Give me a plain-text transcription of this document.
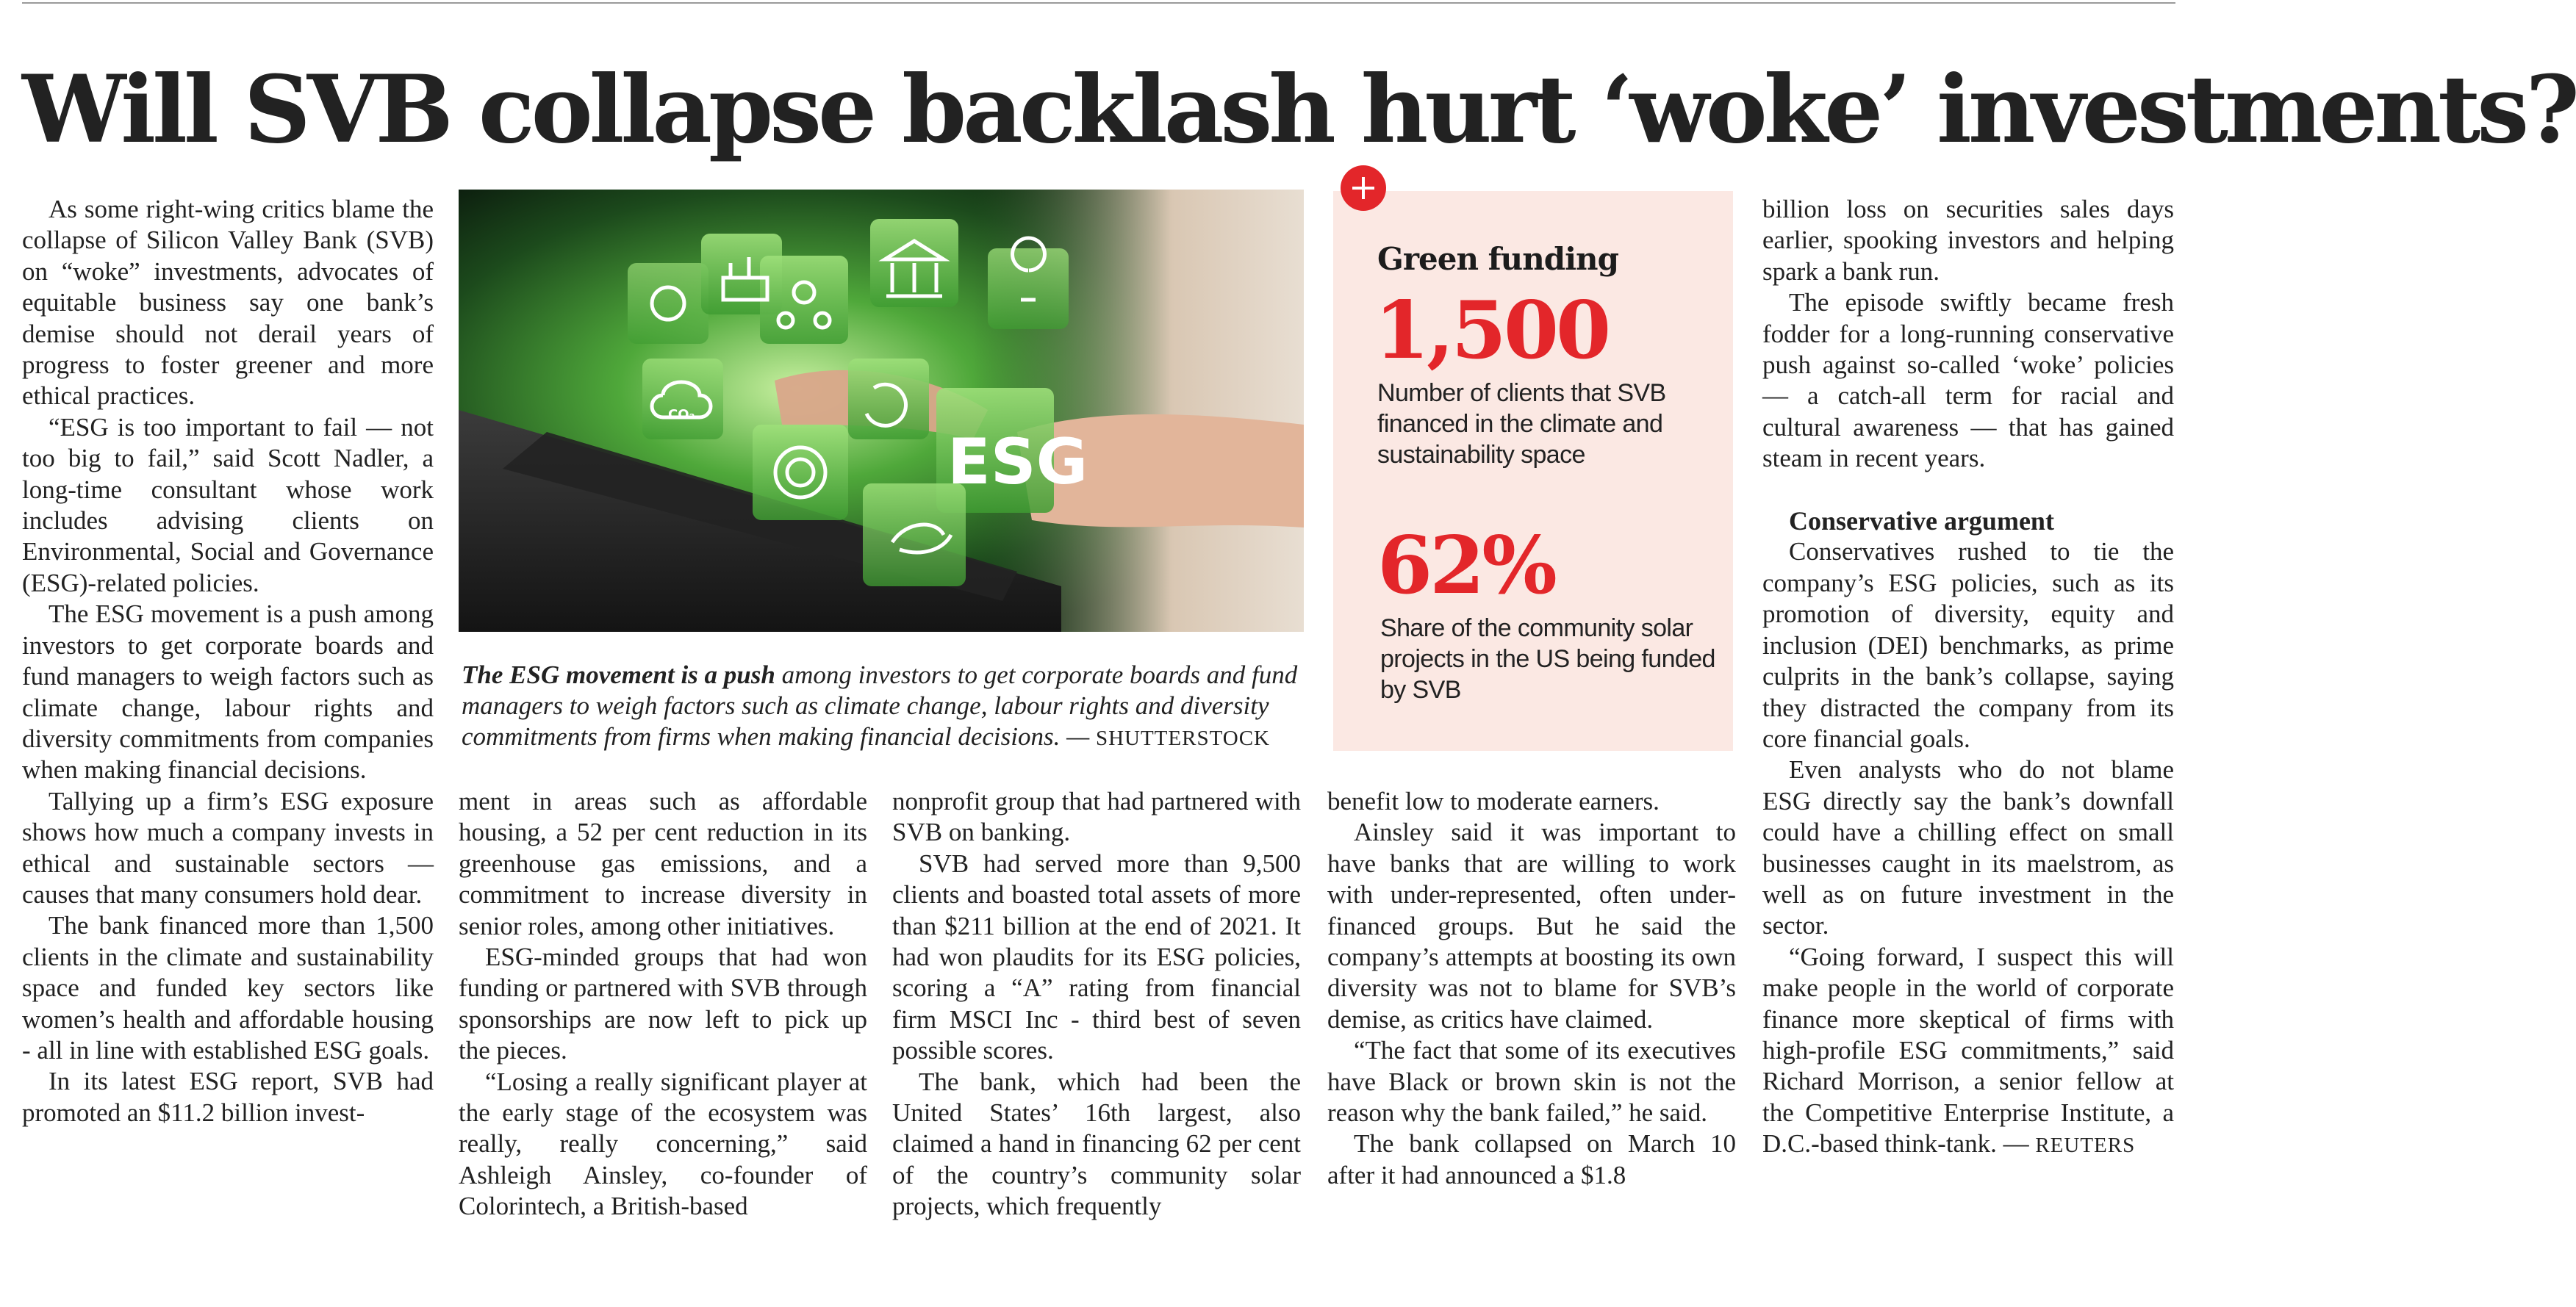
Will SVB collapse backlash hurt ‘woke’ investments?

As some right-wing critics blame the collapse of Silicon Valley Bank (SVB) on “woke” investments, advocates of equitable business say one bank’s demise should not derail years of progress to foster greener and more ethical practices.

“ESG is too important to fail — not too big to fail,” said Scott Nadler, a long-time consultant whose work includes advising clients on Environmental, Social and Governance (ESG)-related policies.

The ESG movement is a push among investors to get corporate boards and fund managers to weigh factors such as climate change, labour rights and diversity commitments from companies when making financial decisions.

Tallying up a firm’s ESG exposure shows how much a company invests in ethical and sustainable sectors — causes that many consumers hold dear.

The bank financed more than 1,500 clients in the climate and sustainability space and funded key sectors like women’s health and affordable housing - all in line with established ESG goals.

In its latest ESG report, SVB had promoted an $11.2 billion invest-

ESG
CO₂

The ESG movement is a push among investors to get corporate boards and fund managers to weigh factors such as climate change, labour rights and diversity commitments from firms when making financial decisions. — SHUTTERSTOCK

Green funding
1,500

Number of clients that SVB financed in the climate and sustainability space

62%

Share of the community solar projects in the US being funded by SVB

ment in areas such as affordable housing, a 52 per cent reduction in its greenhouse gas emissions, and a commitment to increase diversity in senior roles, among other initiatives.

ESG-minded groups that had won funding or partnered with SVB through sponsorships are now left to pick up the pieces.

“Losing a really significant player at the early stage of the ecosystem was really, really concerning,” said Ashleigh Ainsley, co-founder of Colorintech, a British-based

nonprofit group that had partnered with SVB on banking.

SVB had served more than 9,500 clients and boasted total assets of more than $211 billion at the end of 2021. It had won plaudits for its ESG policies, scoring a “A” rating from financial firm MSCI Inc - third best of seven possible scores.

The bank, which had been the United States’ 16th largest, also claimed a hand in financing 62 per cent of the country’s community solar projects, which frequently

benefit low to moderate earners.

Ainsley said it was important to have banks that are willing to work with under-represented, often under-financed groups. But he said the company’s attempts at boosting its own diversity was not to blame for SVB’s demise, as critics have claimed.

“The fact that some of its executives have Black or brown skin is not the reason why the bank failed,” he said.

The bank collapsed on March 10 after it had announced a $1.8

billion loss on securities sales days earlier, spooking investors and helping spark a bank run.

The episode swiftly became fresh fodder for a long-running conservative push against so-called ‘woke’ policies — a catch-all term for racial and cultural awareness — that has gained steam in recent years.

Conservative argument

Conservatives rushed to tie the company’s ESG policies, such as its promotion of diversity, equity and inclusion (DEI) benchmarks, as prime culprits in the bank’s collapse, saying they distracted the company from its core financial goals.

Even analysts who do not blame ESG directly say the bank’s downfall could have a chilling effect on small businesses caught in its maelstrom, as well as on future investment in the sector.

“Going forward, I suspect this will make people in the world of corporate finance more skeptical of firms with high-profile ESG commitments,” said Richard Morrison, a senior fellow at the Competitive Enterprise Institute, a D.C.-based think-tank. — REUTERS
